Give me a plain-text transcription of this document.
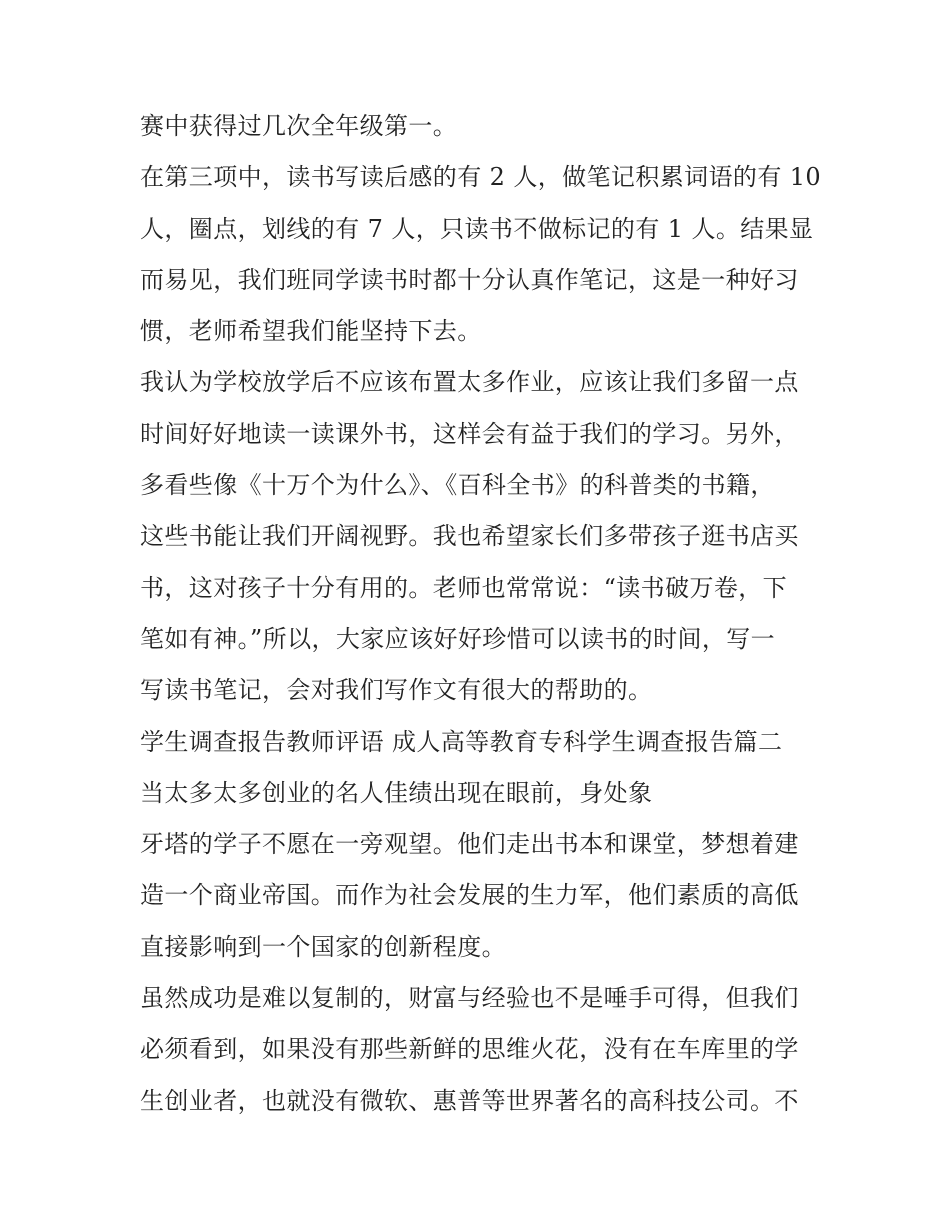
赛中获得过几次全年级第一。
在第三项中，读书写读后感的有 2 人，做笔记积累词语的有 10
人，圈点，划线的有 7 人，只读书不做标记的有 1 人。结果显
而易见，我们班同学读书时都十分认真作笔记，这是一种好习
惯，老师希望我们能坚持下去。
我认为学校放学后不应该布置太多作业，应该让我们多留一点
时间好好地读一读课外书，这样会有益于我们的学习。另外，
多看些像《十万个为什么》、《百科全书》的科普类的书籍，
这些书能让我们开阔视野。我也希望家长们多带孩子逛书店买
书，这对孩子十分有用的。老师也常常说：“读书破万卷，下
笔如有神。”所以，大家应该好好珍惜可以读书的时间，写一
写读书笔记，会对我们写作文有很大的帮助的。
学生调查报告教师评语 成人高等教育专科学生调查报告篇二
当太多太多创业的名人佳绩出现在眼前，身处象
牙塔的学子不愿在一旁观望。他们走出书本和课堂，梦想着建
造一个商业帝国。而作为社会发展的生力军，他们素质的高低
直接影响到一个国家的创新程度。
虽然成功是难以复制的，财富与经验也不是唾手可得，但我们
必须看到，如果没有那些新鲜的思维火花，没有在车库里的学
生创业者，也就没有微软、惠普等世界著名的高科技公司。不
